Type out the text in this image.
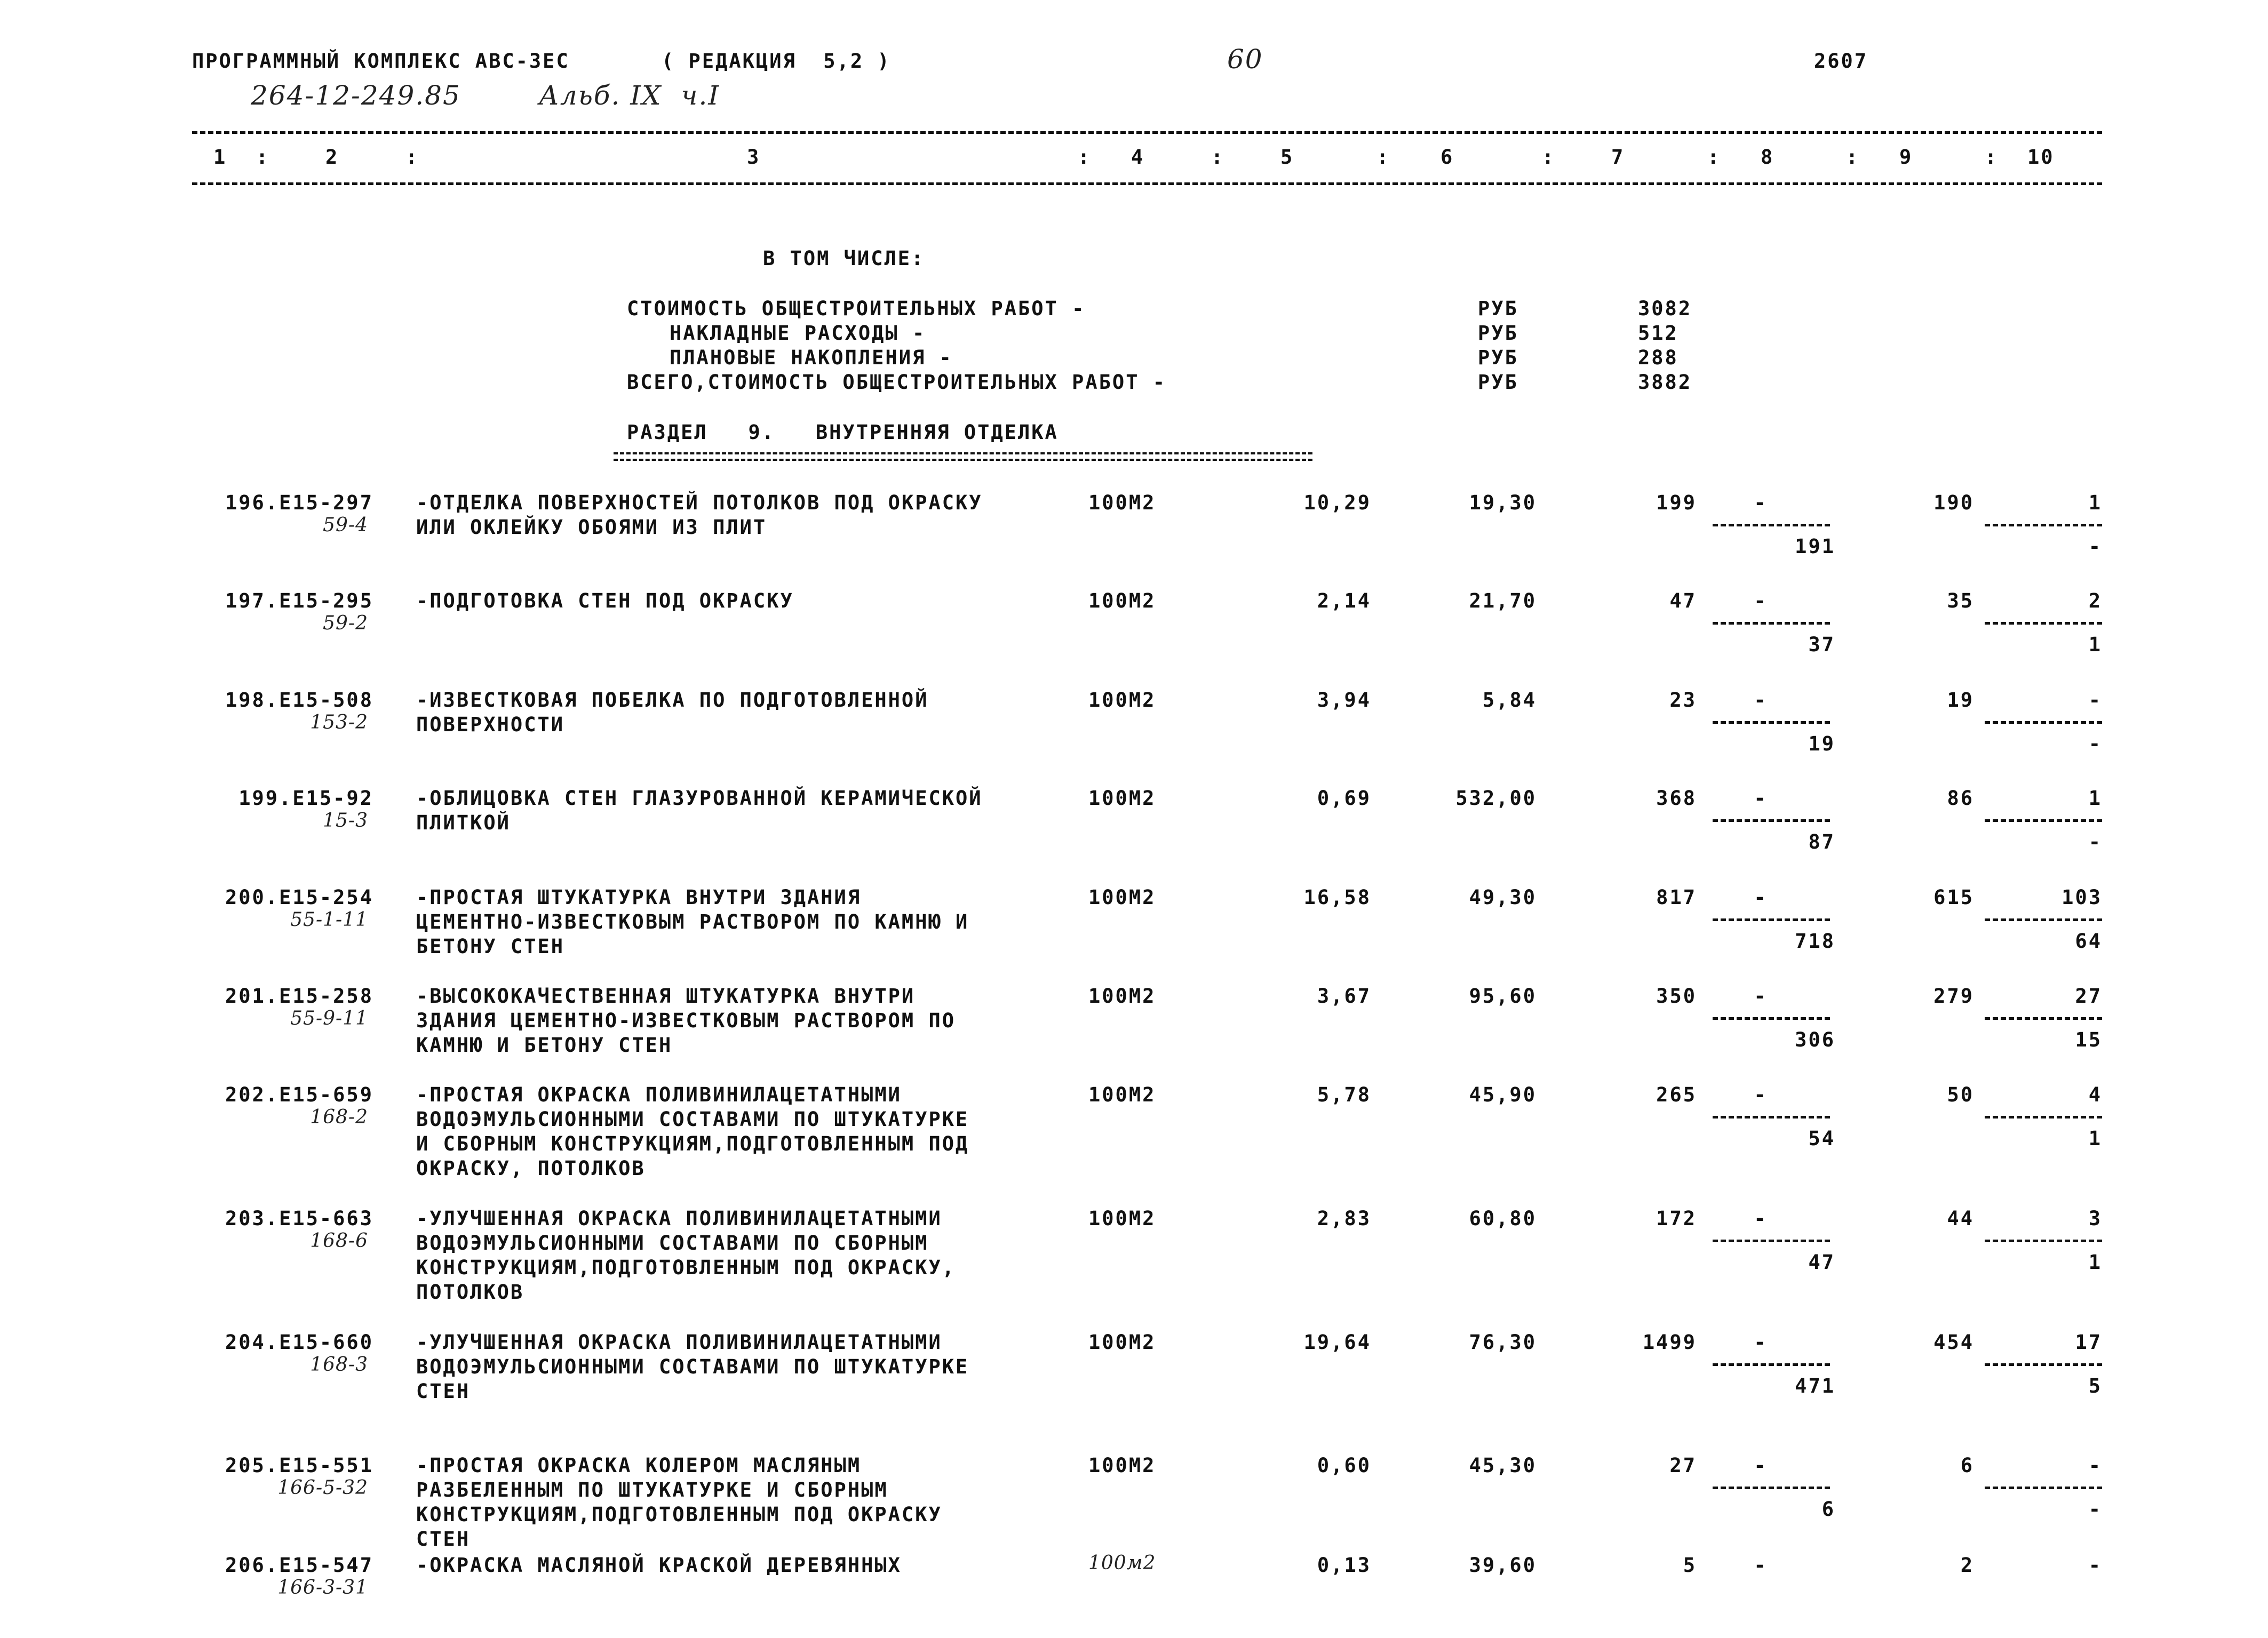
ПРОГРАММНЫЙ КОМПЛЕКС АВС-ЗЕС	( РЕДАКЦИЯ  5,2 )	60	2607
264-12-249.85	Альб. IX  ч.I
1 :	2	:	3	: 4	:	5	:	6	:	7	: 8	: 9	: 10
В ТОМ ЧИСЛЕ:
СТОИМОСТЬ ОБЩЕСТРОИТЕЛЬНЫХ РАБОТ -	РУБ	3082
НАКЛАДНЫЕ РАСХОДЫ -	РУБ	512
ПЛАНОВЫЕ НАКОПЛЕНИЯ -	РУБ	288
ВСЕГО,СТОИМОСТЬ ОБЩЕСТРОИТЕЛЬНЫХ РАБОТ -	РУБ	3882
РАЗДЕЛ   9.   ВНУТРЕННЯЯ ОТДЕЛКА
196.Е15-297
59-4
-ОТДЕЛКА ПОВЕРХНОСТЕЙ ПОТОЛКОВ ПОД ОКРАСКУ
ИЛИ ОКЛЕЙКУ ОБОЯМИ ИЗ ПЛИТ
100М2	10,29	19,30	199	-	190	1
191	-
197.Е15-295
59-2
-ПОДГОТОВКА СТЕН ПОД ОКРАСКУ	100М2	2,14	21,70	47	-	35	2
37	1
198.Е15-508
153-2
-ИЗВЕСТКОВАЯ ПОБЕЛКА ПО ПОДГОТОВЛЕННОЙ
ПОВЕРХНОСТИ
100М2	3,94	5,84	23	-	19	-
19	-
199.Е15-92
15-3
-ОБЛИЦОВКА СТЕН ГЛАЗУРОВАННОЙ КЕРАМИЧЕСКОЙ
ПЛИТКОЙ
100М2	0,69	532,00	368	-	86	1
87	-
200.Е15-254
55-1-11
-ПРОСТАЯ ШТУКАТУРКА ВНУТРИ ЗДАНИЯ
ЦЕМЕНТНО-ИЗВЕСТКОВЫМ РАСТВОРОМ ПО КАМНЮ И
БЕТОНУ СТЕН
100М2	16,58	49,30	817	-	615	103
718	64
201.Е15-258
55-9-11
-ВЫСОКОКАЧЕСТВЕННАЯ ШТУКАТУРКА ВНУТРИ
ЗДАНИЯ ЦЕМЕНТНО-ИЗВЕСТКОВЫМ РАСТВОРОМ ПО
КАМНЮ И БЕТОНУ СТЕН
100М2	3,67	95,60	350	-	279	27
306	15
202.Е15-659
168-2
-ПРОСТАЯ ОКРАСКА ПОЛИВИНИЛАЦЕТАТНЫМИ
ВОДОЭМУЛЬСИОННЫМИ СОСТАВАМИ ПО ШТУКАТУРКЕ
И СБОРНЫМ КОНСТРУКЦИЯМ,ПОДГОТОВЛЕННЫМ ПОД
ОКРАСКУ, ПОТОЛКОВ
100М2	5,78	45,90	265	-	50	4
54	1
203.Е15-663
168-6
-УЛУЧШЕННАЯ ОКРАСКА ПОЛИВИНИЛАЦЕТАТНЫМИ
ВОДОЭМУЛЬСИОННЫМИ СОСТАВАМИ ПО СБОРНЫМ
КОНСТРУКЦИЯМ,ПОДГОТОВЛЕННЫМ ПОД ОКРАСКУ,
ПОТОЛКОВ
100М2	2,83	60,80	172	-	44	3
47	1
204.Е15-660
168-3
-УЛУЧШЕННАЯ ОКРАСКА ПОЛИВИНИЛАЦЕТАТНЫМИ
ВОДОЭМУЛЬСИОННЫМИ СОСТАВАМИ ПО ШТУКАТУРКЕ
СТЕН
100М2	19,64	76,30	1499	-	454	17
471	5
205.Е15-551
166-5-32
-ПРОСТАЯ ОКРАСКА КОЛЕРОМ МАСЛЯНЫМ
РАЗБЕЛЕННЫМ ПО ШТУКАТУРКЕ И СБОРНЫМ
КОНСТРУКЦИЯМ,ПОДГОТОВЛЕННЫМ ПОД ОКРАСКУ
СТЕН
100М2	0,60	45,30	27	-	6	-
6	-
206.Е15-547
166-3-31
-ОКРАСКА МАСЛЯНОЙ КРАСКОЙ ДЕРЕВЯННЫХ	100м2	0,13	39,60	5	-	2	-
